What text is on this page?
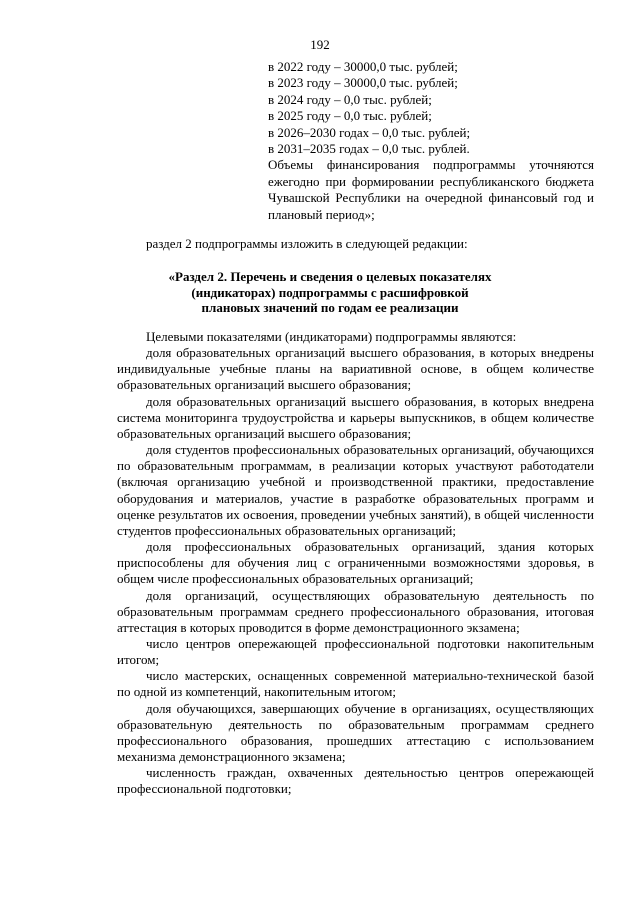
192
в 2022 году – 30000,0 тыс. рублей;
в 2023 году – 30000,0 тыс. рублей;
в 2024 году – 0,0 тыс. рублей;
в 2025 году – 0,0 тыс. рублей;
в 2026–2030 годах – 0,0 тыс. рублей;
в 2031–2035 годах – 0,0 тыс. рублей.
Объемы финансирования подпрограммы уточняются ежегодно при формировании республиканского бюджета Чувашской Республики на очередной финансовый год и плановый период»;
раздел 2 подпрограммы изложить в следующей редакции:
«Раздел 2. Перечень и сведения о целевых показателях
(индикаторах) подпрограммы с расшифровкой
плановых значений по годам ее реализации

Целевыми показателями (индикаторами) подпрограммы являются:

доля образовательных организаций высшего образования, в которых внедрены индивидуальные учебные планы на вариативной основе, в общем количестве образовательных организаций высшего образования;

доля образовательных организаций высшего образования, в которых внедрена система мониторинга трудоустройства и карьеры выпускников, в общем количестве образовательных организаций высшего образования;

доля студентов профессиональных образовательных организаций, обучающихся по образовательным программам, в реализации которых участвуют работодатели (включая организацию учебной и производственной практики, предоставление оборудования и материалов, участие в разработке образовательных программ и оценке результатов их освоения, проведении учебных занятий), в общей численности студентов профессиональных образовательных организаций;

доля профессиональных образовательных организаций, здания которых приспособлены для обучения лиц с ограниченными возможностями здоровья, в общем числе профессиональных образовательных организаций;

доля организаций, осуществляющих образовательную деятельность по образовательным программам среднего профессионального образования, итоговая аттестация в которых проводится в форме демонстрационного экзамена;

число центров опережающей профессиональной подготовки накопительным итогом;

число мастерских, оснащенных современной материально-технической базой по одной из компетенций, накопительным итогом;

доля обучающихся, завершающих обучение в организациях, осуществляющих образовательную деятельность по образовательным программам среднего профессионального образования, прошедших аттестацию с использованием механизма демонстрационного экзамена;

численность граждан, охваченных деятельностью центров опережающей профессиональной подготовки;
